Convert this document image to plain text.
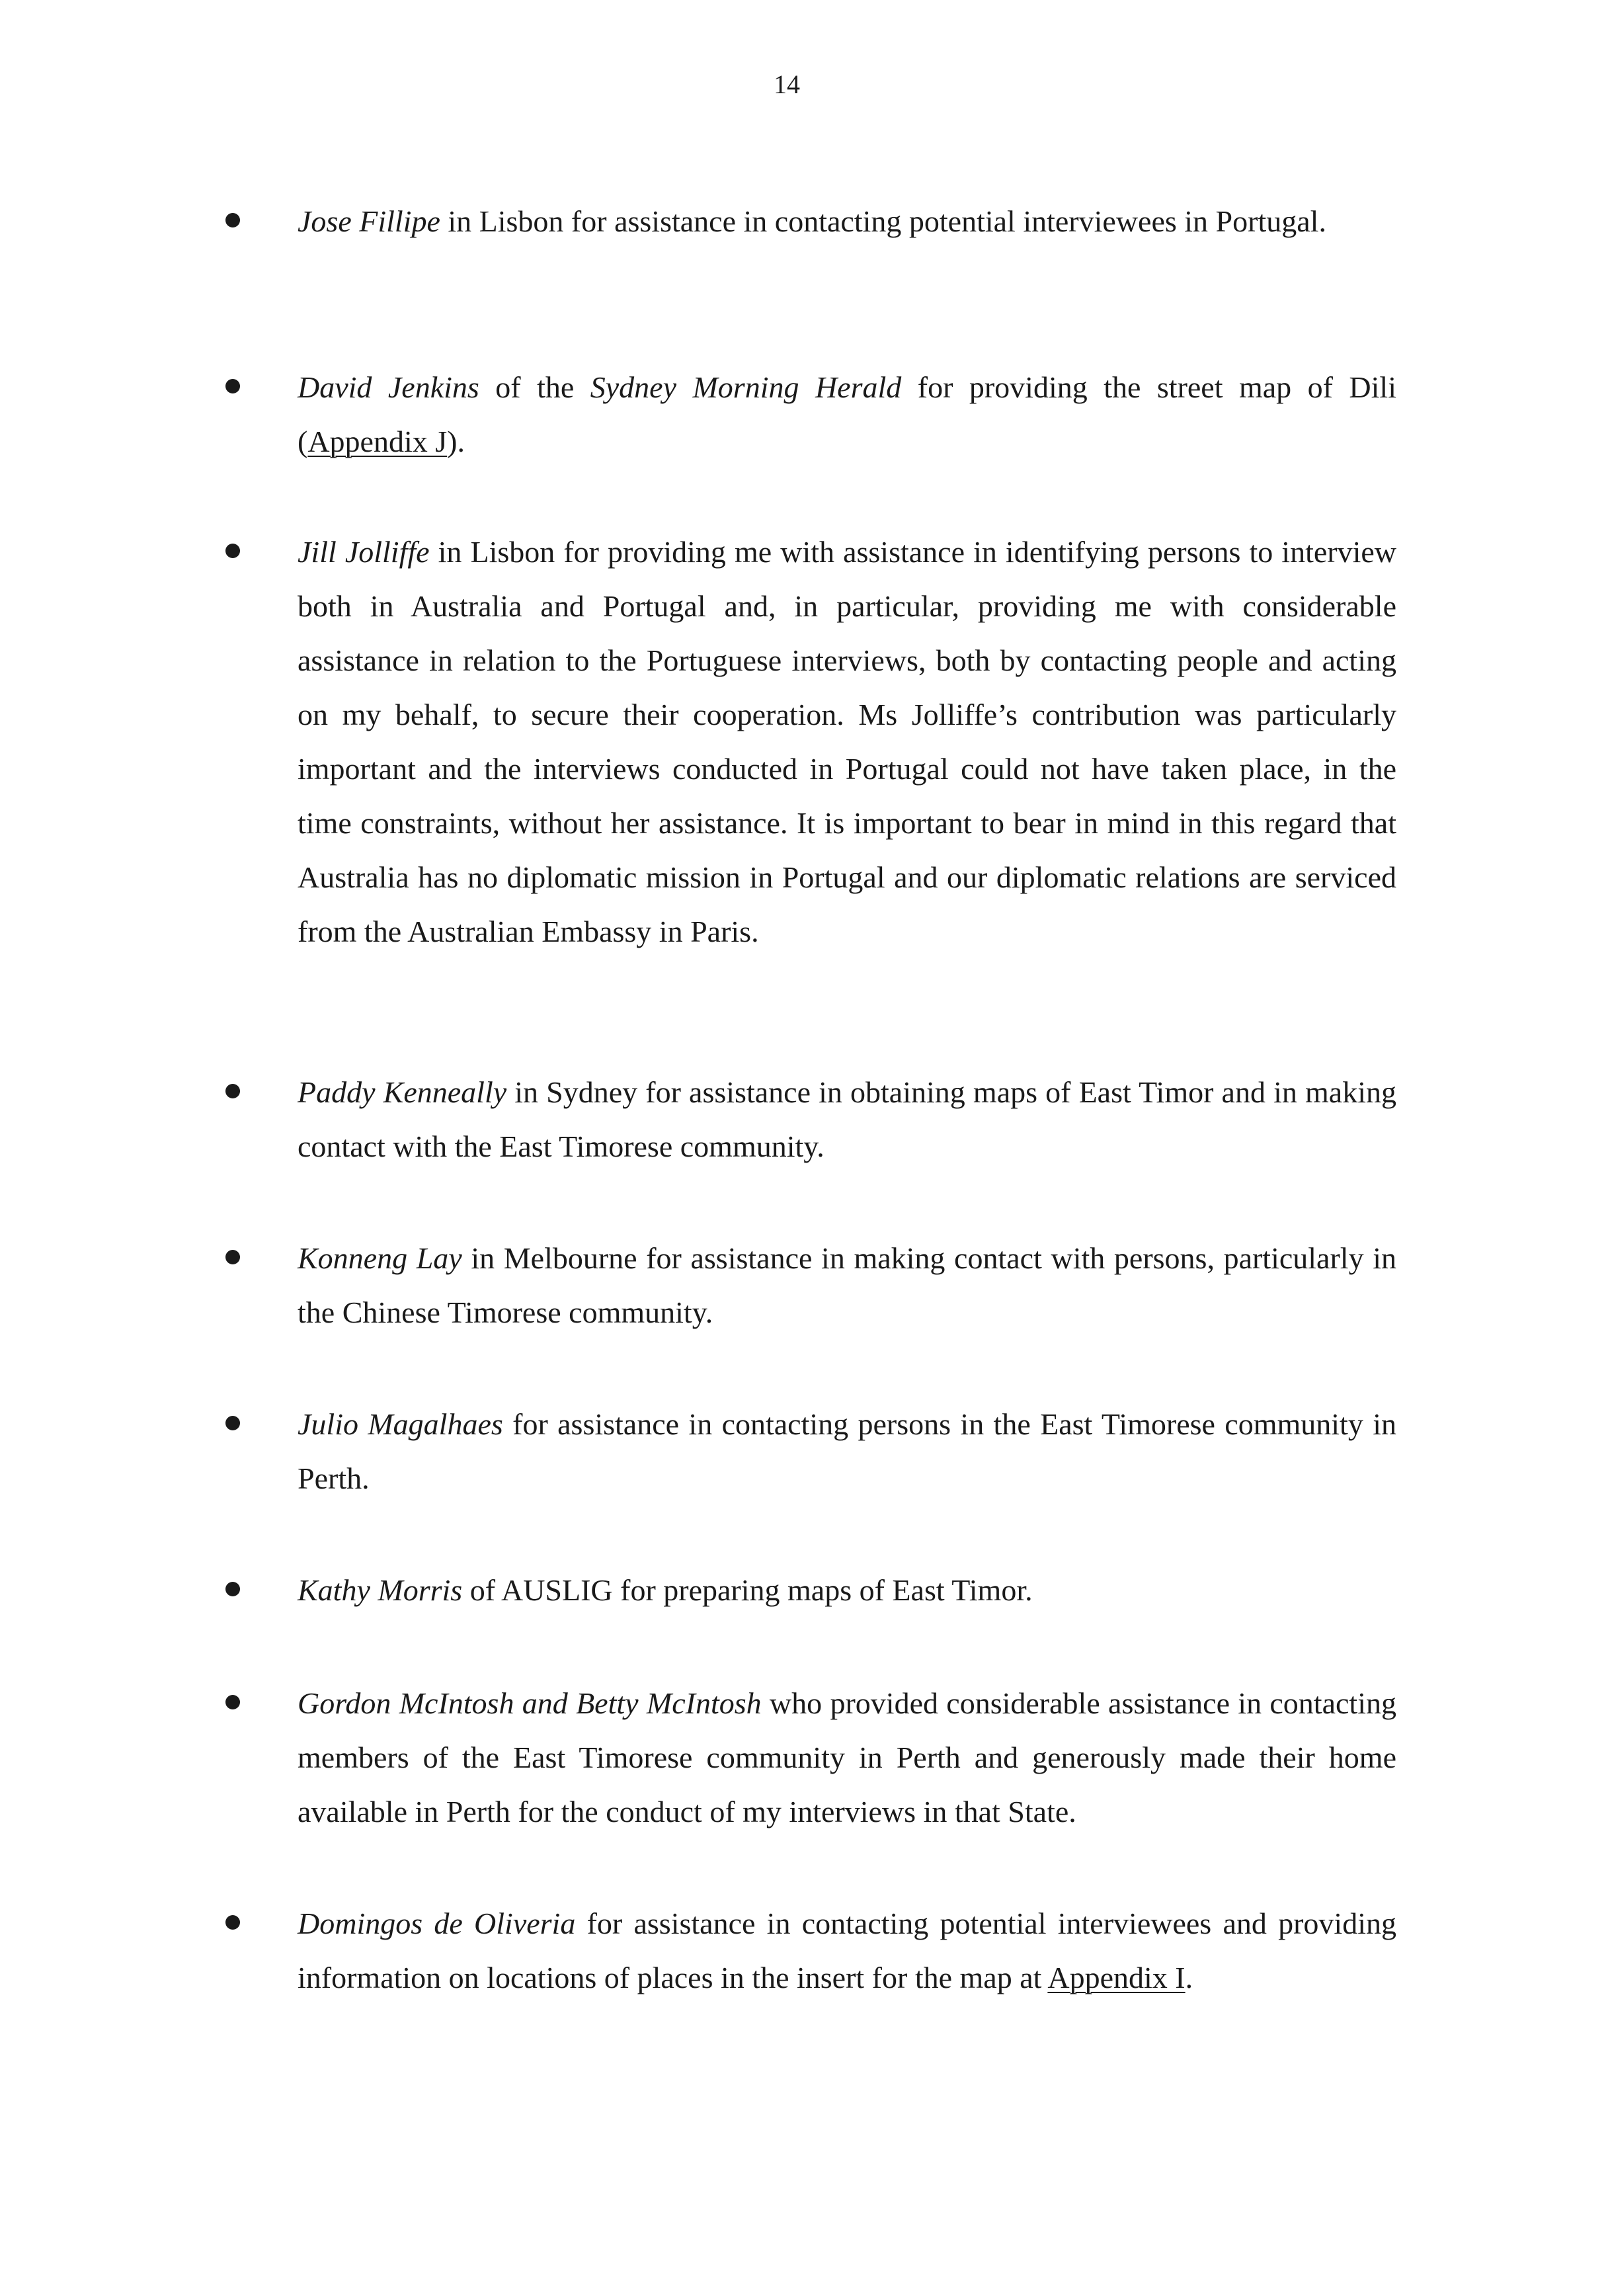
14
Jose Fillipe in Lisbon for assistance in contacting potential interviewees in Portugal.
David Jenkins of the Sydney Morning Herald for providing the street map of Dili (Appendix J).
Jill Jolliffe in Lisbon for providing me with assistance in identifying persons to interview both in Australia and Portugal and, in particular, providing me with considerable assistance in relation to the Portuguese interviews, both by contacting people and acting on my behalf, to secure their cooperation. Ms Jolliffe’s contribution was particularly important and the interviews conducted in Portugal could not have taken place, in the time constraints, without her assistance. It is important to bear in mind in this regard that Australia has no diplomatic mission in Portugal and our diplomatic relations are serviced from the Australian Embassy in Paris.
Paddy Kenneally in Sydney for assistance in obtaining maps of East Timor and in making contact with the East Timorese community.
Konneng Lay in Melbourne for assistance in making contact with persons, particularly in the Chinese Timorese community.
Julio Magalhaes for assistance in contacting persons in the East Timorese community in Perth.
Kathy Morris of AUSLIG for preparing maps of East Timor.
Gordon McIntosh and Betty McIntosh who provided considerable assistance in contacting members of the East Timorese community in Perth and generously made their home available in Perth for the conduct of my interviews in that State.
Domingos de Oliveria for assistance in contacting potential interviewees and providing information on locations of places in the insert for the map at Appendix I.
